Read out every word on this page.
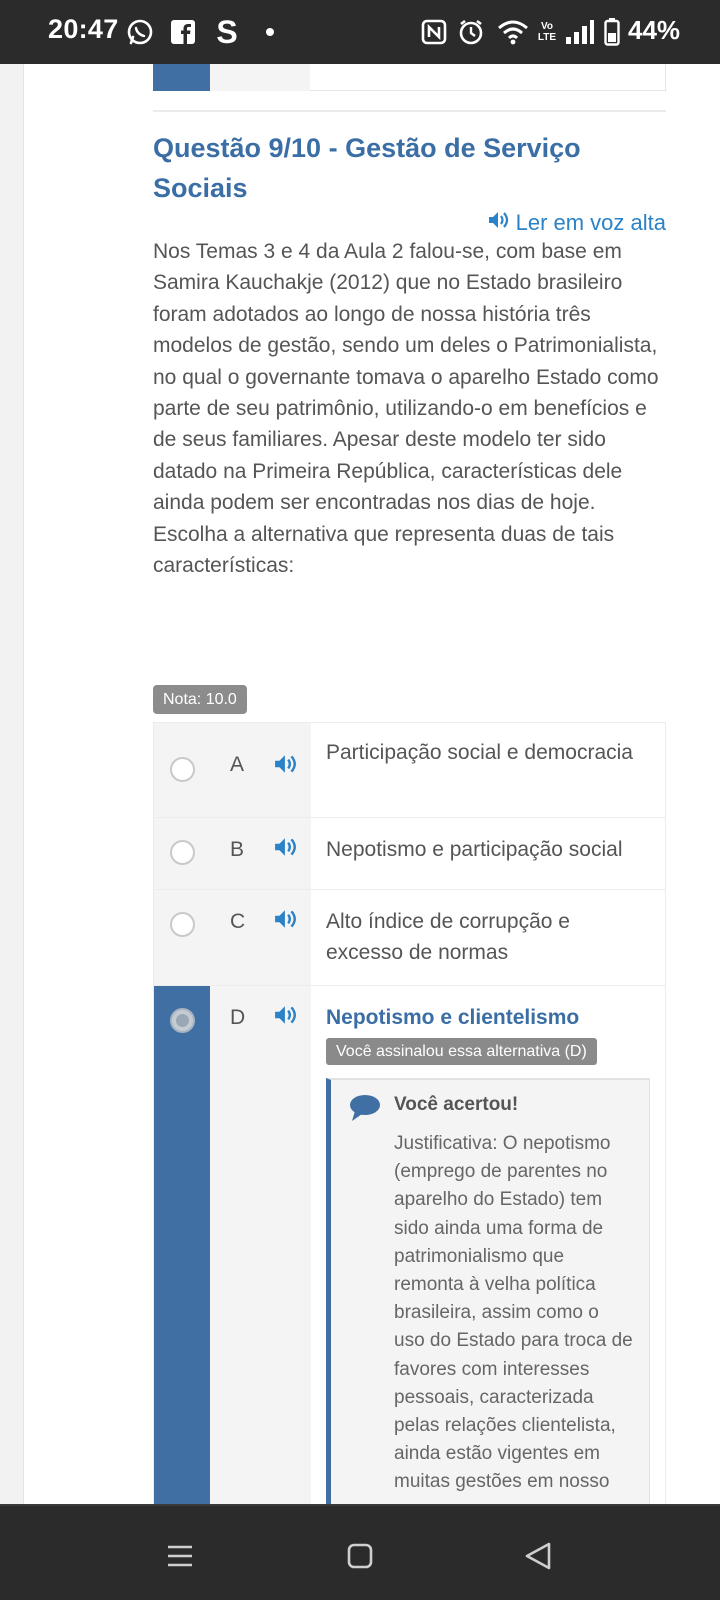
20:47	S	Vo LTE	44%
Questão 9/10 - Gestão de Serviço Sociais
Ler em voz alta

Nos Temas 3 e 4 da Aula 2 falou-se, com base em Samira Kauchakje (2012) que no Estado brasileiro foram adotados ao longo de nossa história três modelos de gestão, sendo um deles o Patrimonialista, no qual o governante tomava o aparelho Estado como parte de seu patrimônio, utilizando-o em benefícios e de seus familiares. Apesar deste modelo ter sido datado na Primeira República, características dele ainda podem ser encontradas nos dias de hoje. Escolha a alternativa que representa duas de tais características:

Nota: 10.0
A
Participação social e democracia
B	Nepotismo e participação social
C	Alto índice de corrupção e excesso de normas
D	Nepotismo e clientelismo
Você assinalou essa alternativa (D)
Você acertou!

Justificativa: O nepotismo (emprego de parentes no aparelho do Estado) tem sido ainda uma forma de patrimonialismo que remonta à velha política brasileira, assim como o uso do Estado para troca de favores com interesses pessoais, caracterizada pelas relações clientelista, ainda estão vigentes em muitas gestões em nosso
